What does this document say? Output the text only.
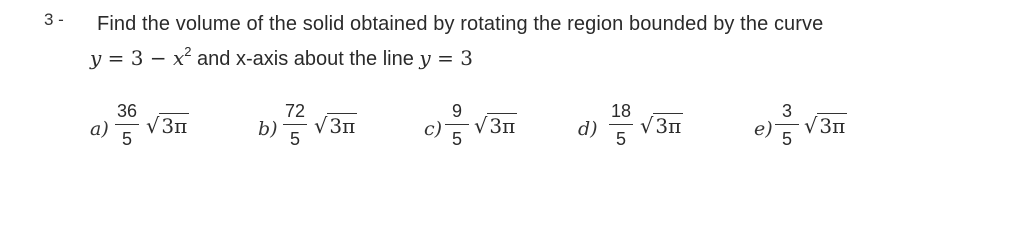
3 - Find the volume of the solid obtained by rotating the region bounded by the curve
$y = 3 - x^2$ and x-axis about the line y = 3
a)
36
5
√ 3π	b)
72
5
√ 3π	c)
9
5
√ 3π	d)
18
5
√ 3π	e)
3
5
√ 3π
